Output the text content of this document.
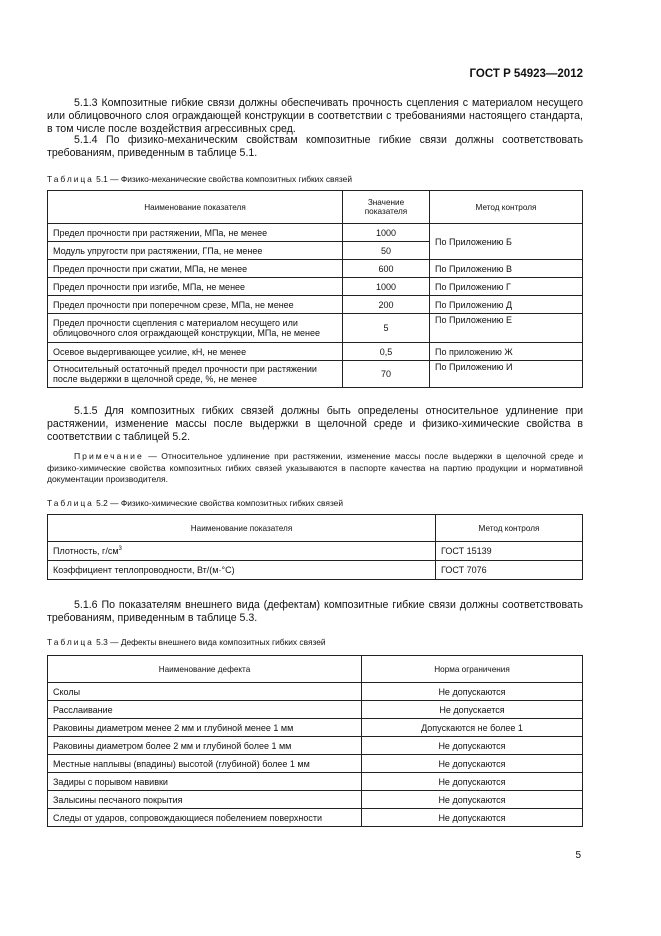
ГОСТ Р 54923—2012

5.1.3 Композитные гибкие связи должны обеспечивать прочность сцепления с материалом несущего или облицовочного слоя ограждающей конструкции в соответствии с требованиями настоящего стандарта, в том числе после воздействия агрессивных сред.

5.1.4 По физико-механическим свойствам композитные гибкие связи должны соответствовать требованиям, приведенным в таблице 5.1.

Таблица 5.1 — Физико-механические свойства композитных гибких связей

Наименование показателя	Значение показателя	Метод контроля
Предел прочности при растяжении, МПа, не менее	1000	По Приложению Б
Модуль упругости при растяжении, ГПа, не менее	50	
Предел прочности при сжатии, МПа, не менее	600	По Приложению В
Предел прочности при изгибе, МПа, не менее	1000	По Приложению Г
Предел прочности при поперечном срезе, МПа, не менее	200	По Приложению Д
Предел прочности сцепления с материалом несущего или облицовочного слоя ограждающей конструкции, МПа, не менее	5	По Приложению Е
Осевое выдергивающее усилие, кН, не менее	0,5	По приложению Ж
Относительный остаточный предел прочности при растяжении после выдержки в щелочной среде, %, не менее	70	По Приложению И

5.1.5 Для композитных гибких связей должны быть определены относительное удлинение при растяжении, изменение массы после выдержки в щелочной среде и физико-химические свойства в соответствии с таблицей 5.2.

Примечание — Относительное удлинение при растяжении, изменение массы после выдержки в щелочной среде и физико-химические свойства композитных гибких связей указываются в паспорте качества на партию продукции и нормативной документации производителя.

Таблица 5.2 — Физико-химические свойства композитных гибких связей

Наименование показателя	Метод контроля
Плотность, $г/см^3$	ГОСТ 15139
Коэффициент теплопроводности, Вт/(м·°С)	ГОСТ 7076

5.1.6 По показателям внешнего вида (дефектам) композитные гибкие связи должны соответствовать требованиям, приведенным в таблице 5.3.

Таблица 5.3 — Дефекты внешнего вида композитных гибких связей

Наименование дефекта	Норма ограничения
Сколы	Не допускаются
Расслаивание	Не допускается
Раковины диаметром менее 2 мм и глубиной менее 1 мм	Допускаются не более 1
Раковины диаметром более 2 мм и глубиной более 1 мм	Не допускаются
Местные наплывы (впадины) высотой (глубиной) более 1 мм	Не допускаются
Задиры с порывом навивки	Не допускаются
Залысины песчаного покрытия	Не допускаются
Следы от ударов, сопровождающиеся побелением поверхности	Не допускаются
5
